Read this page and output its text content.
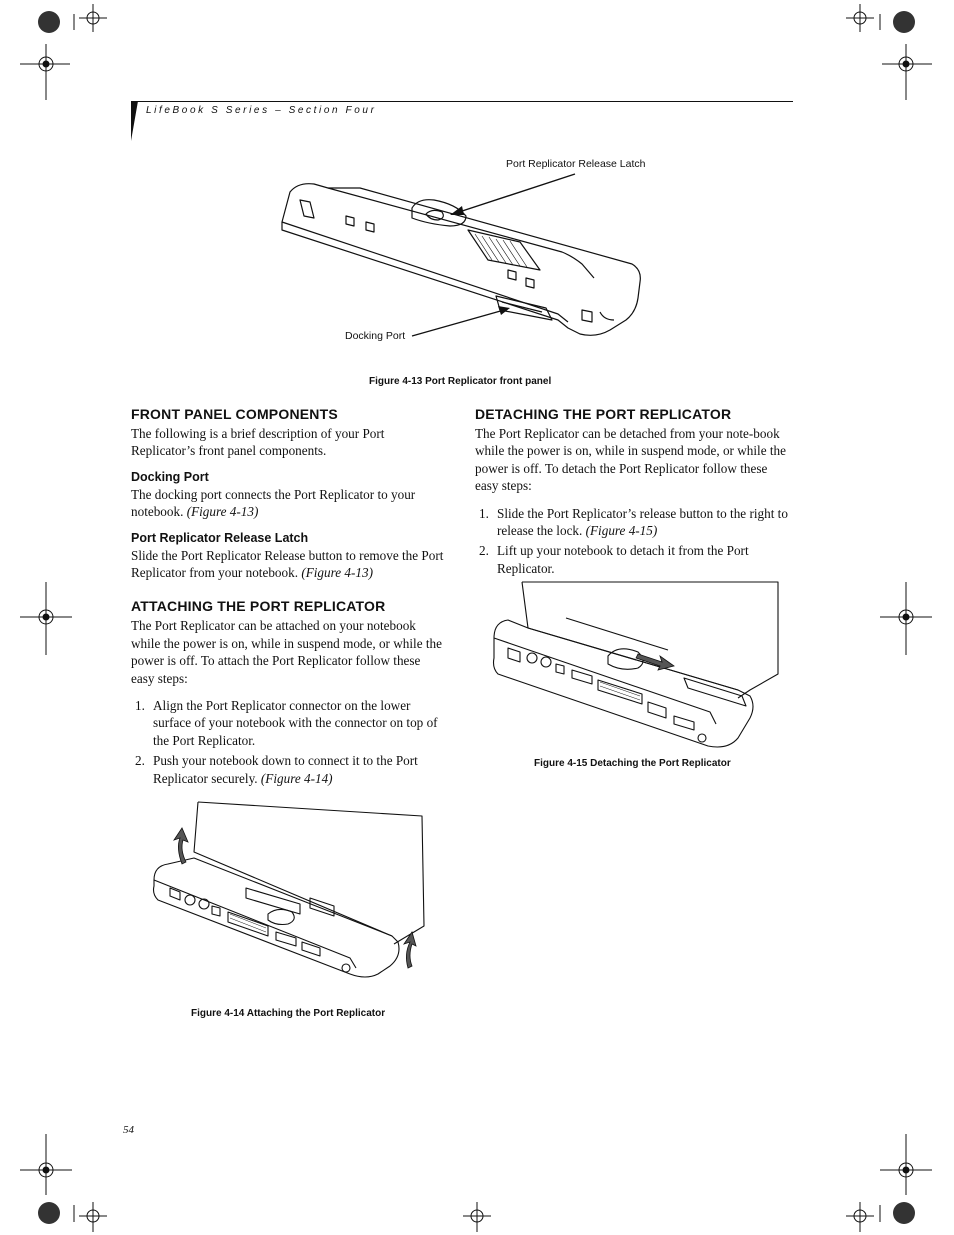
LifeBook S Series – Section Four
Port Replicator Release Latch
Docking Port
Figure 4-13 Port Replicator front panel
FRONT PANEL COMPONENTS

The following is a brief description of your Port Replicator’s front panel components.

Docking Port

The docking port connects the Port Replicator to your notebook. (Figure 4-13)

Port Replicator Release Latch

Slide the Port Replicator Release button to remove the Port Replicator from your notebook. (Figure 4-13)

ATTACHING THE PORT REPLICATOR

The Port Replicator can be attached on your notebook while the power is on, while in suspend mode, or while the power is off. To attach the Port Replicator follow these easy steps:

1. Align the Port Replicator connector on the lower surface of your notebook with the connector on top of the Port Replicator.
2. Push your notebook down to connect it to the Port Replicator securely. (Figure 4-14)
DETACHING THE PORT REPLICATOR

The Port Replicator can be detached from your note-book while the power is on, while in suspend mode, or while the power is off. To detach the Port Replicator follow these easy steps:

1. Slide the Port Replicator’s release button to the right to release the lock. (Figure 4-15)
2. Lift up your notebook to detach it from the Port Replicator.
Figure 4-15 Detaching the Port Replicator
Figure 4-14 Attaching the Port Replicator
54
